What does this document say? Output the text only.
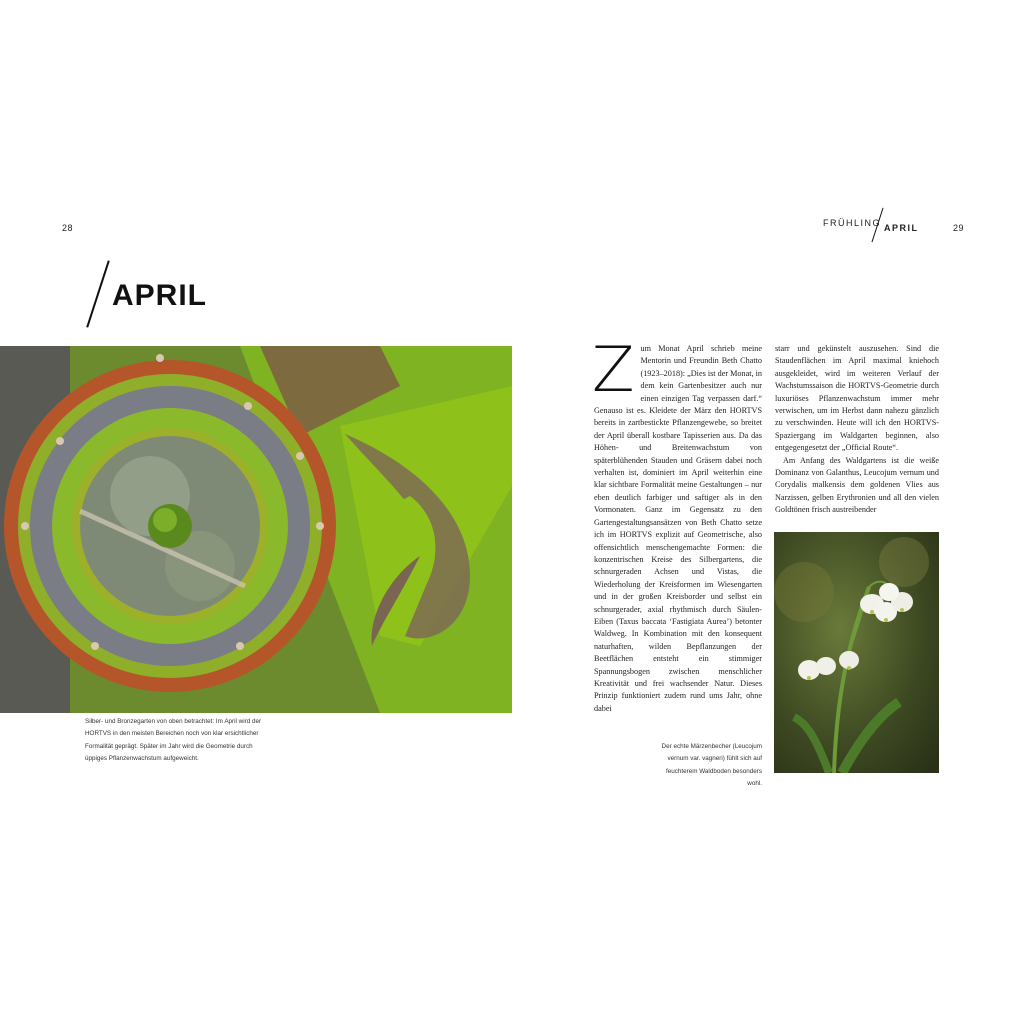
28
APRIL
Silber- und Bronzegarten von oben betrachtet: Im April wird der HORTVS in den meisten Bereichen noch von klar ersichtlicher Formalität geprägt. Später im Jahr wird die Geometrie durch üppiges Pflanzenwachstum aufgeweicht.
29
FRÜHLING APRIL

Zum Monat April schrieb meine Mentorin und Freundin Beth Chatto (1923–2018): „Dies ist der Monat, in dem kein Gartenbesitzer auch nur einen einzigen Tag verpassen darf.“ Genauso ist es. Kleidete der März den HORTVS bereits in zartbestickte Pflanzengewebe, so breitet der April überall kostbare Tapisserien aus. Da das Höhen- und Breitenwachstum von späterblühenden Stauden und Gräsern dabei noch verhalten ist, dominiert im April weiterhin eine klar sichtbare Formalität meine Gestaltungen – nur eben deutlich farbiger und saftiger als in den Vormonaten. Ganz im Gegensatz zu den Gartengestaltungsansätzen von Beth Chatto setze ich im HORTVS explizit auf Geometrische, also offensichtlich menschengemachte Formen: die konzentrischen Kreise des Silbergartens, die schnurgeraden Achsen und Vistas, die Wiederholung der Kreisformen im Wiesengarten und in der großen Kreisborder und selbst ein schnurgerader, axial rhythmisch durch Säulen-Eiben (Taxus baccata ‘Fastigiata Aurea’) betonter Waldweg. In Kombination mit den konsequent naturhaften, wilden Bepflanzungen der Beetflächen entsteht ein stimmiger Spannungsbogen zwischen menschlicher Kreativität und frei wachsender Natur. Dieses Prinzip funktioniert zudem rund ums Jahr, ohne dabei

starr und gekünstelt auszusehen. Sind die Staudenflächen im April maximal kniehoch ausgekleidet, wird im weiteren Verlauf der Wachstumssaison die HORTVS-Geometrie durch luxuriöses Pflanzenwachstum immer mehr verwischen, um im Herbst dann nahezu gänzlich zu verschwinden. Heute will ich den HORTVS-Spaziergang im Waldgarten beginnen, also entgegengesetzt der „Official Route“.

Am Anfang des Waldgartens ist die weiße Dominanz von Galanthus, Leucojum vernum und Corydalis malkensis dem goldenen Vlies aus Narzissen, gelben Erythronien und all den vielen Goldtönen frisch austreibender

Der echte Märzenbecher (Leucojum vernum var. vagneri) fühlt sich auf feuchterem Waldboden besonders wohl.
